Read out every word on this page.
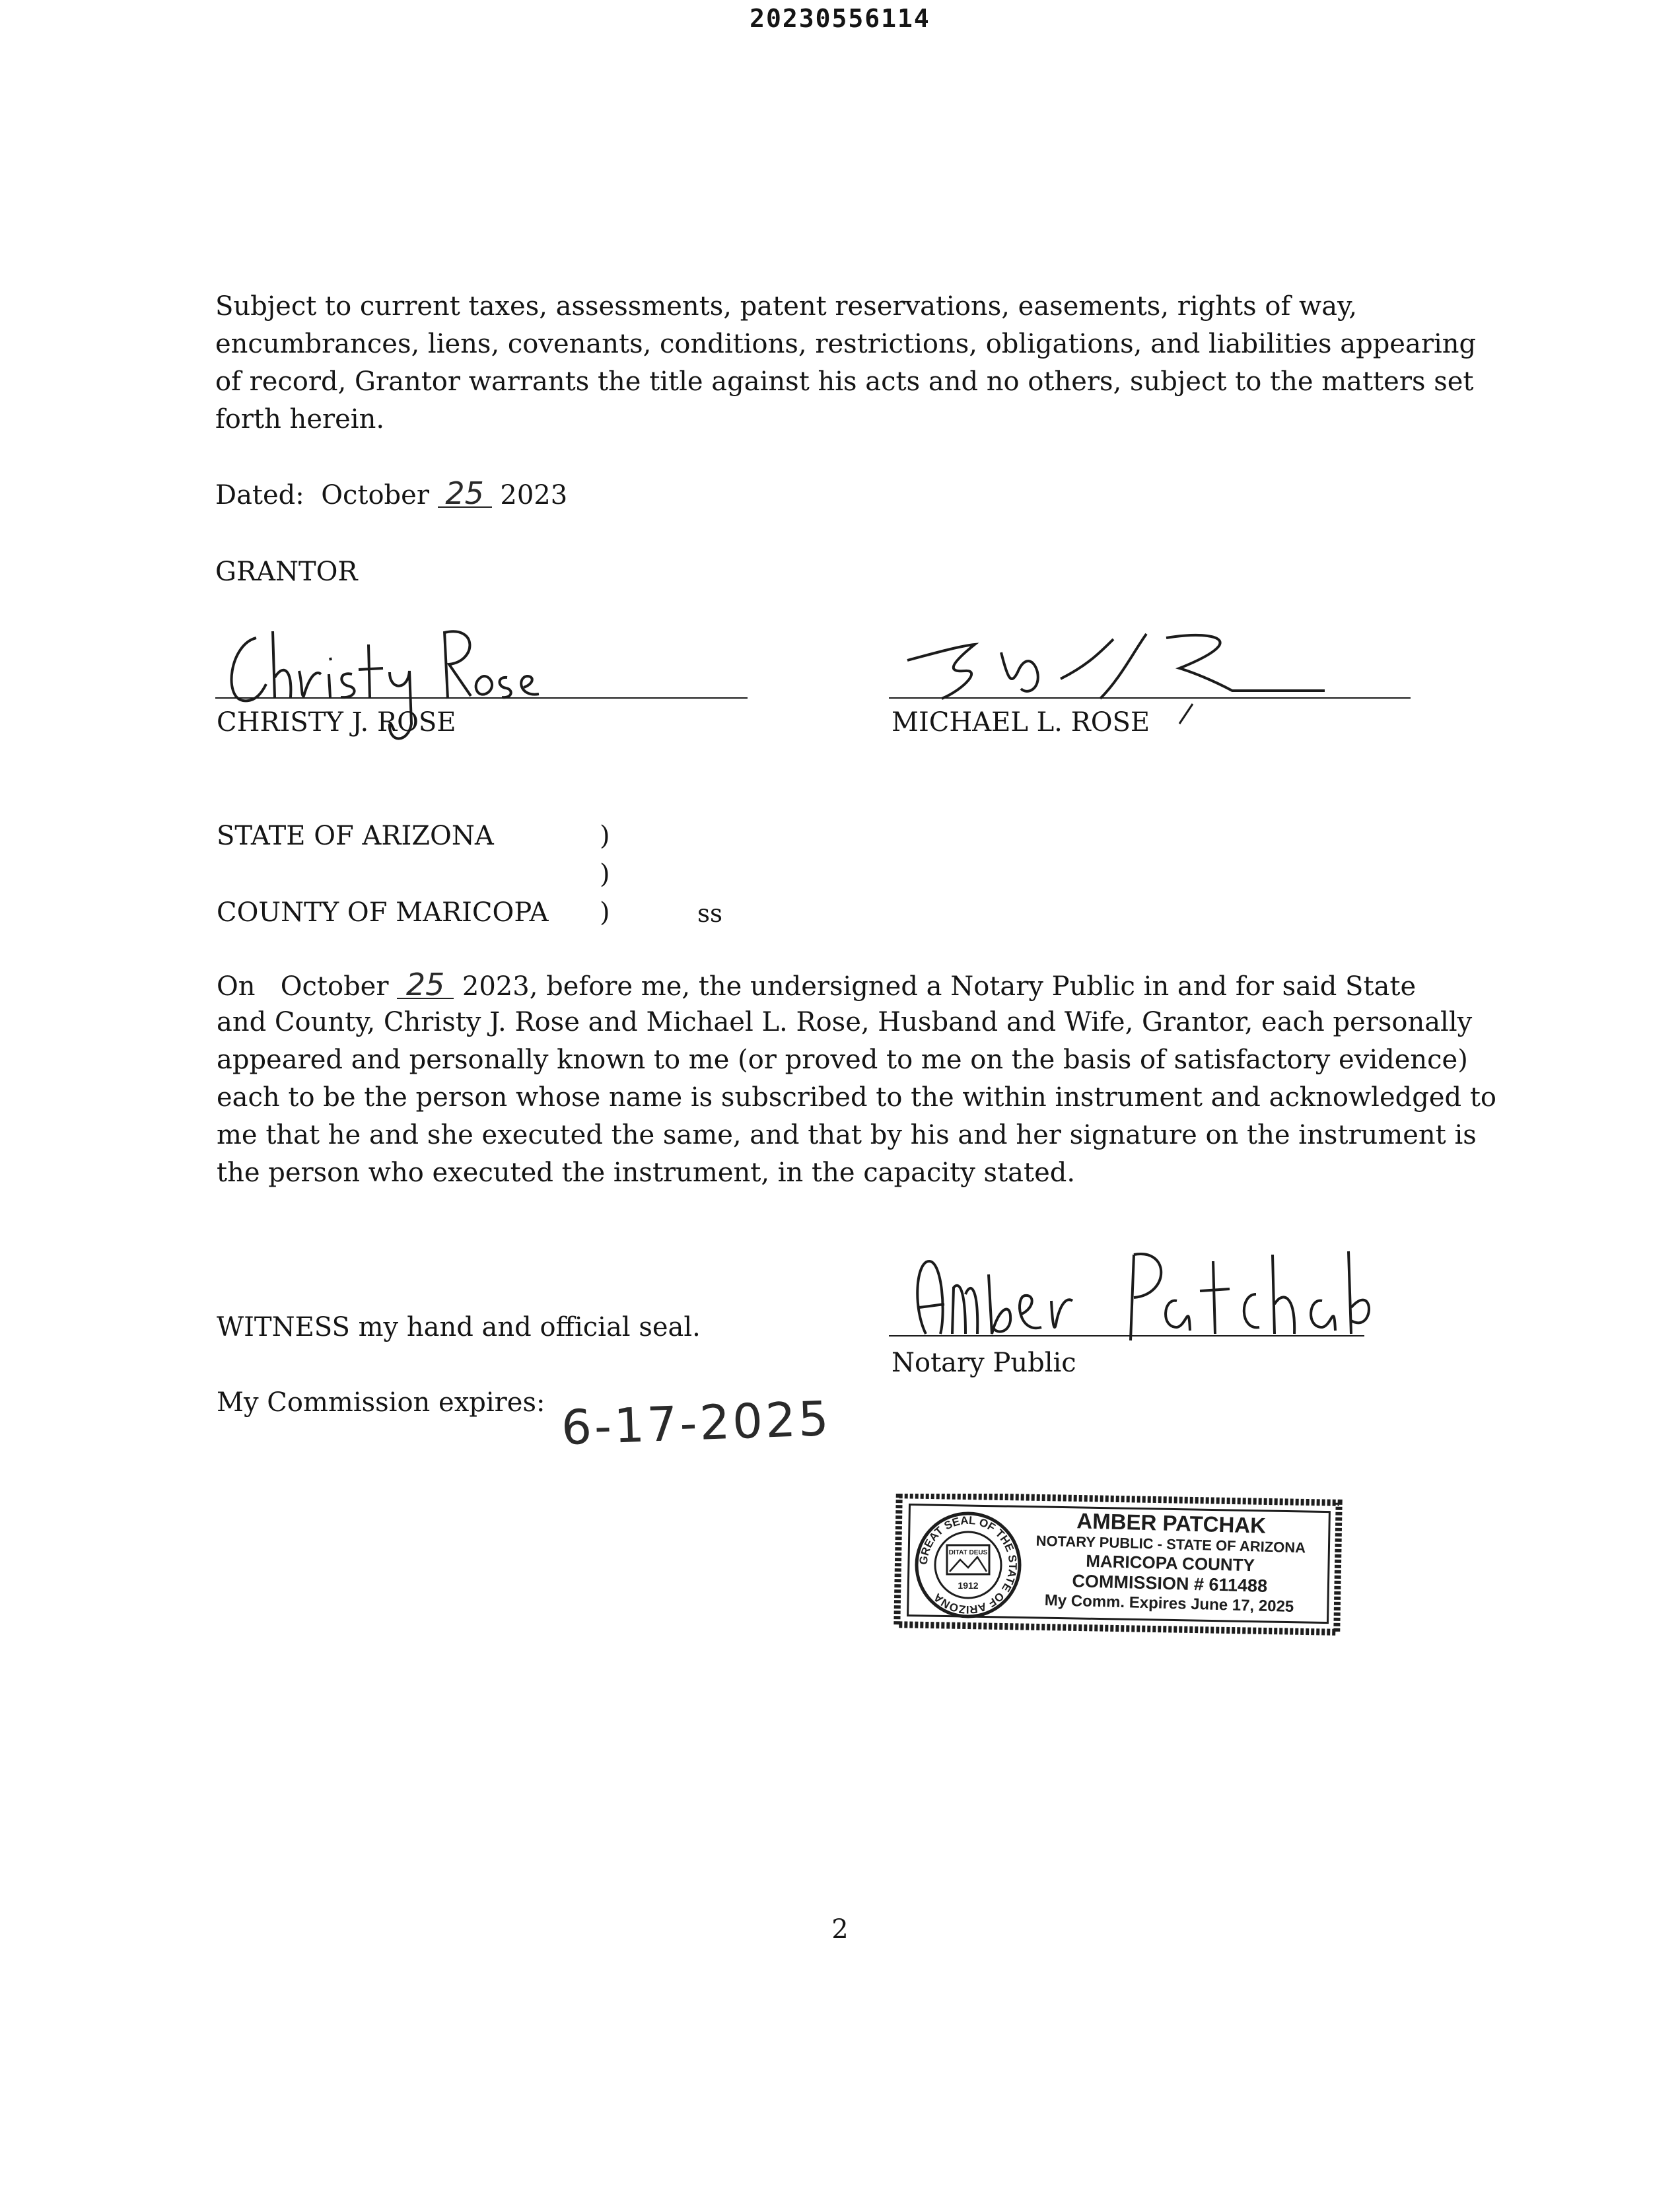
20230556114
Subject to current taxes, assessments, patent reservations, easements, rights of way, encumbrances, liens, covenants, conditions, restrictions, obligations, and liabilities appearing of record, Grantor warrants the title against his acts and no others, subject to the matters set forth herein.
Dated: October 25 2023
GRANTOR
CHRISTY J. ROSE	MICHAEL L. ROSE
STATE OF ARIZONA	)
)
COUNTY OF MARICOPA )	ss
On October 25 2023, before me, the undersigned a Notary Public in and for said State
and County, Christy J. Rose and Michael L. Rose, Husband and Wife, Grantor, each personally appeared and personally known to me (or proved to me on the basis of satisfactory evidence) each to be the person whose name is subscribed to the within instrument and acknowledged to me that he and she executed the same, and that by his and her signature on the instrument is the person who executed the instrument, in the capacity stated.
WITNESS my hand and official seal.
Notary Public
My Commission expires: 6-17-2025
GREAT SEAL OF THE STATE OF ARIZONA
DITAT DEUS
1912
AMBER PATCHAK
NOTARY PUBLIC - STATE OF ARIZONA
MARICOPA COUNTY
COMMISSION # 611488
My Comm. Expires June 17, 2025
2
